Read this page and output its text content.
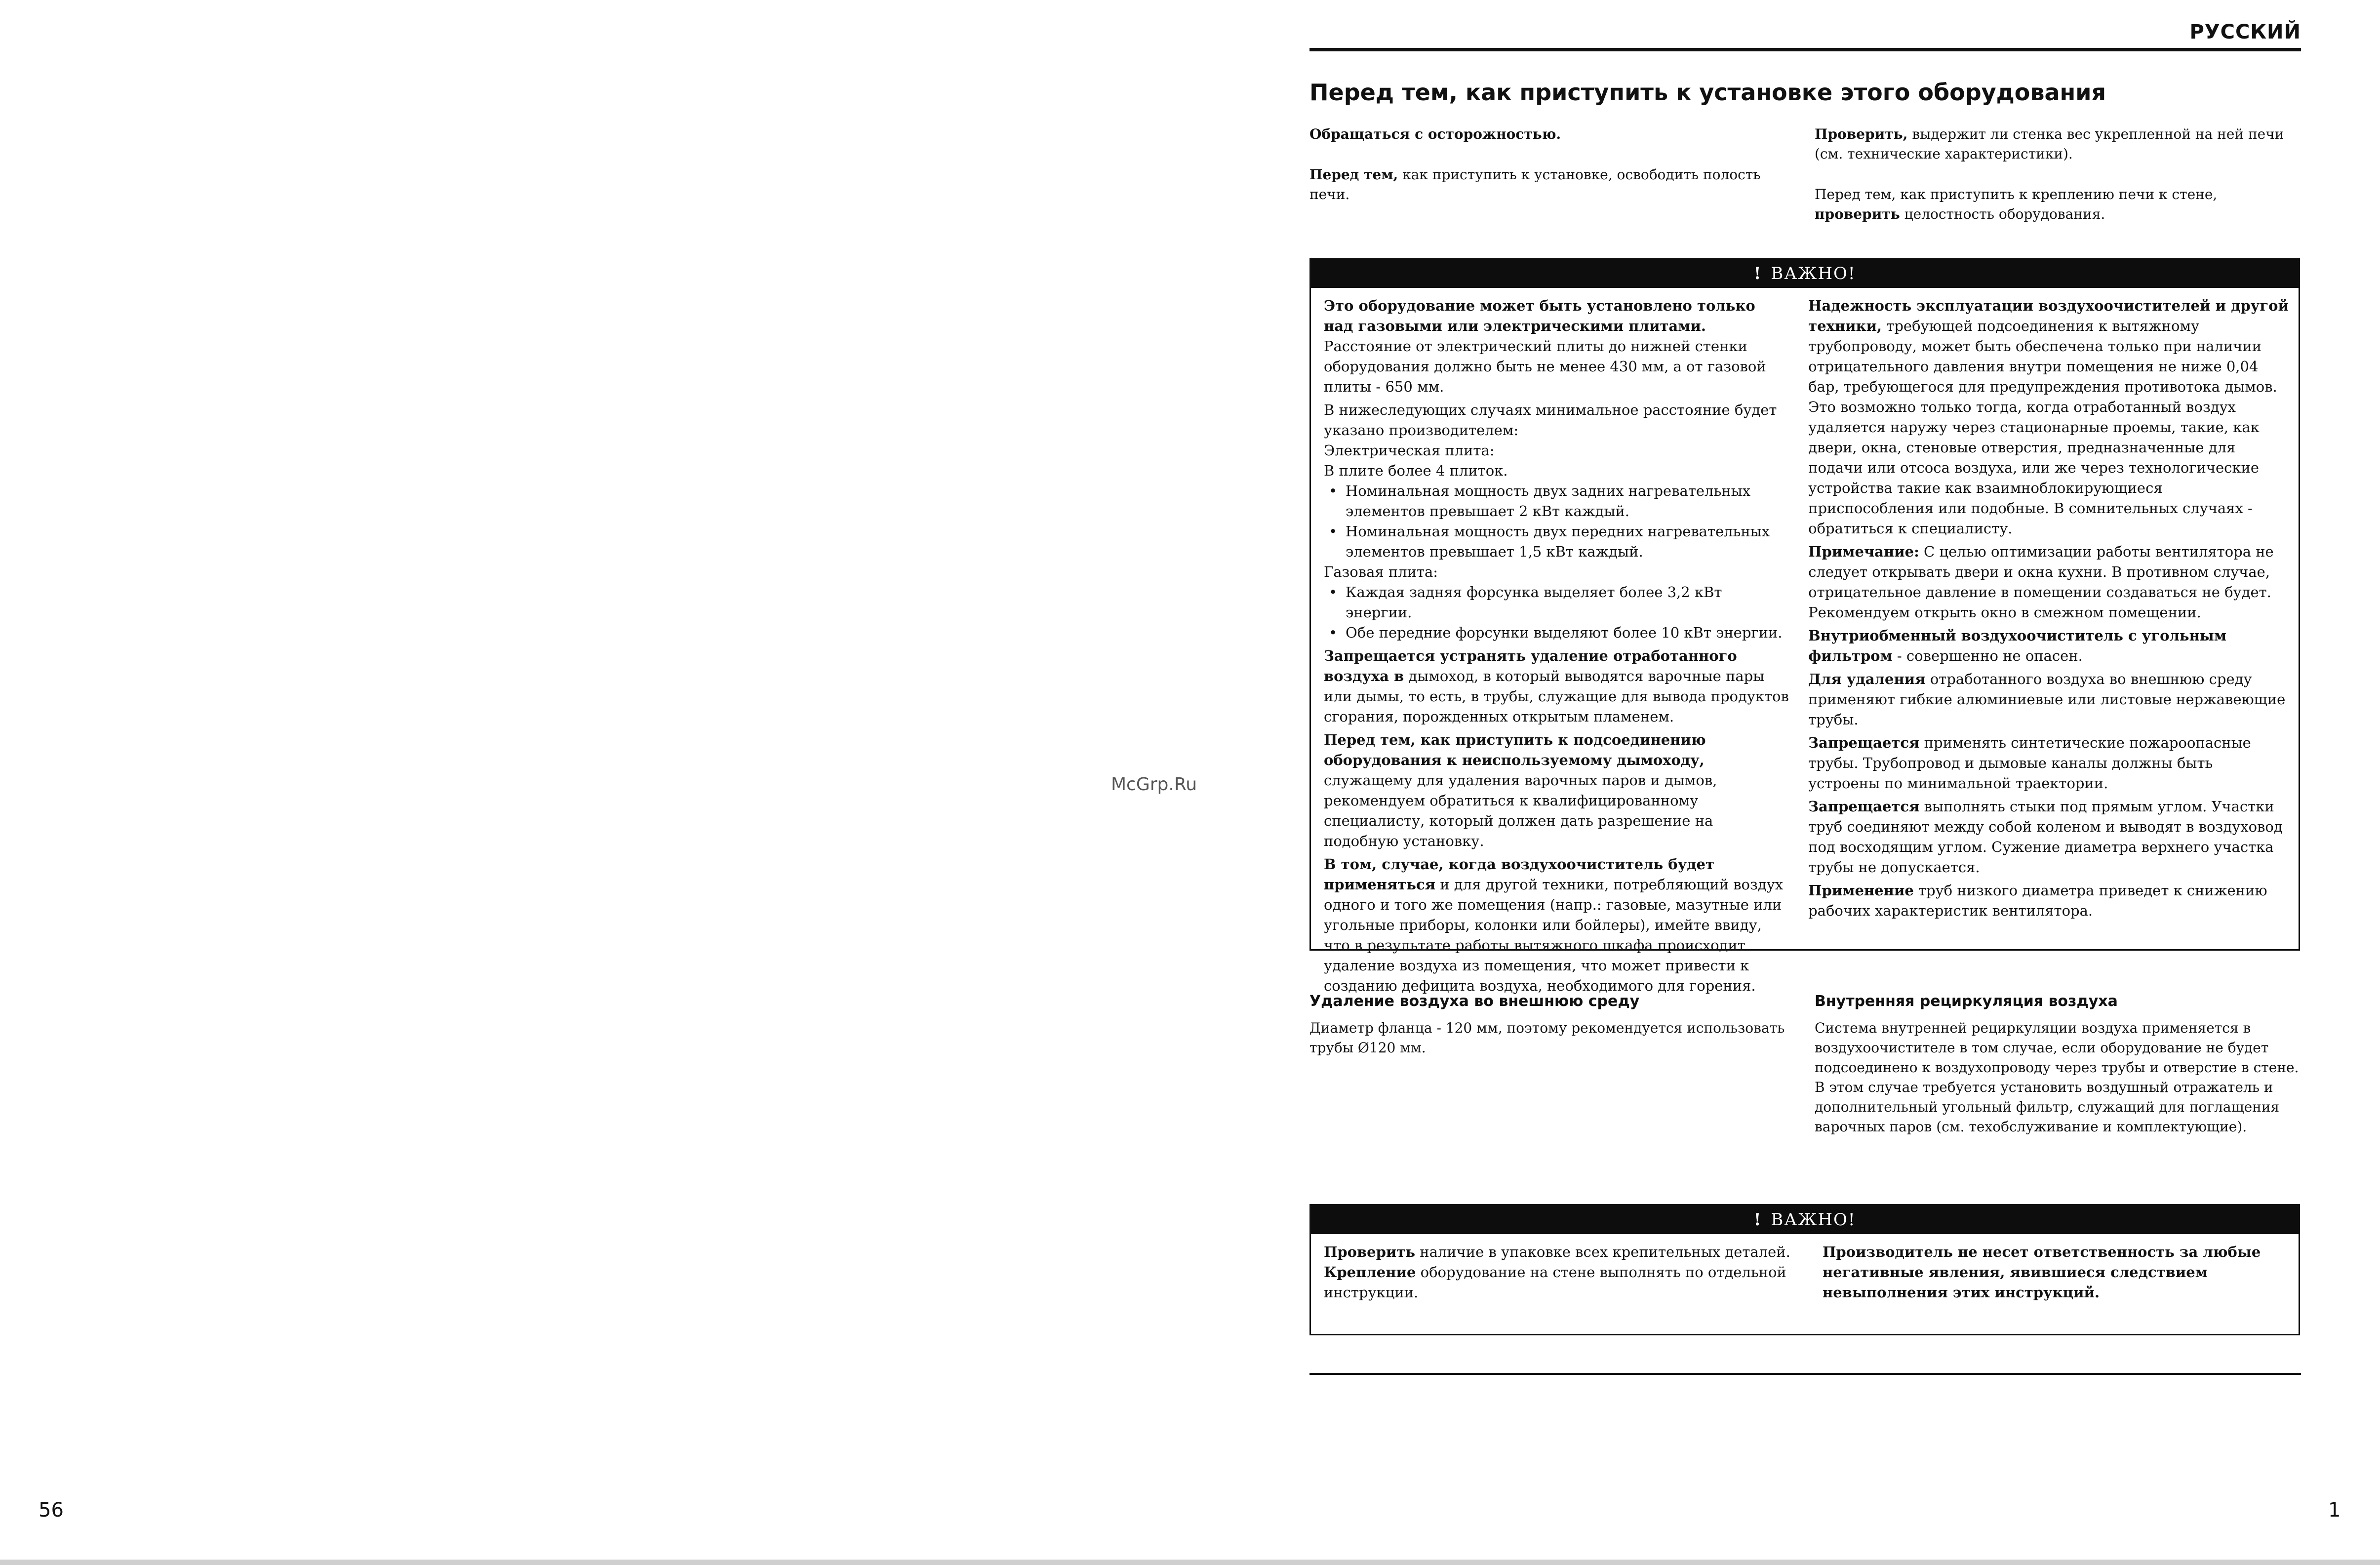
РУССКИЙ
Перед тем, как приступить к установке этого оборудования

Обращаться с осторожностью.

Перед тем, как приступить к установке, освободить полость печи.

Проверить, выдержит ли стенка вес укрепленной на ней печи (см. технические характеристики).

Перед тем, как приступить к креплению печи к стене, проверить целостность оборудования.

! ВАЖНО!

Это оборудование может быть установлено только над газовыми или электрическими плитами. Расстояние от электрический плиты до нижней стенки оборудования должно быть не менее 430 мм, а от газовой плиты - 650 мм.

В нижеследующих случаях минимальное расстояние будет указано производителем:

Электрическая плита:
В плите более 4 плиток.
• Номинальная мощность двух задних нагревательных элементов превышает 2 кВт каждый.
• Номинальная мощность двух передних нагревательных элементов превышает 1,5 кВт каждый.
Газовая плита:
• Каждая задняя форсунка выделяет более 3,2 кВт энергии.
• Обе передние форсунки выделяют более 10 кВт энергии.

Запрещается устранять удаление отработанного воздуха в дымоход, в который выводятся варочные пары или дымы, то есть, в трубы, служащие для вывода продуктов сгорания, порожденных открытым пламенем.

Перед тем, как приступить к подсоединению оборудования к неиспользуемому дымоходу, служащему для удаления варочных паров и дымов, рекомендуем обратиться к квалифицированному специалисту, который должен дать разрешение на подобную установку.

В том, случае, когда воздухоочиститель будет применяться и для другой техники, потребляющий воздух одного и того же помещения (напр.: газовые, мазутные или угольные приборы, колонки или бойлеры), имейте ввиду, что в результате работы вытяжного шкафа происходит удаление воздуха из помещения, что может привести к созданию дефицита воздуха, необходимого для горения.

Надежность эксплуатации воздухоочистителей и другой техники, требующей подсоединения к вытяжному трубопроводу, может быть обеспечена только при наличии отрицательного давления внутри помещения не ниже 0,04 бар, требующегося для предупреждения противотока дымов. Это возможно только тогда, когда отработанный воздух удаляется наружу через стационарные проемы, такие, как двери, окна, стеновые отверстия, предназначенные для подачи или отсоса воздуха, или же через технологические устройства такие как взаимноблокирующиеся приспособления или подобные. В сомнительных случаях - обратиться к специалисту.

Примечание: С целью оптимизации работы вентилятора не следует открывать двери и окна кухни. В противном случае, отрицательное давление в помещении создаваться не будет. Рекомендуем открыть окно в смежном помещении.

Внутриобменный воздухоочиститель с угольным фильтром - совершенно не опасен.

Для удаления отработанного воздуха во внешнюю среду применяют гибкие алюминиевые или листовые нержавеющие трубы.

Запрещается применять синтетические пожароопасные трубы. Трубопровод и дымовые каналы должны быть устроены по минимальной траектории.

Запрещается выполнять стыки под прямым углом. Участки труб соединяют между собой коленом и выводят в воздуховод под восходящим углом. Сужение диаметра верхнего участка трубы не допускается.

Применение труб низкого диаметра приведет к снижению рабочих характеристик вентилятора.

Удаление воздуха во внешнюю среду
Диаметр фланца - 120 мм, поэтому рекомендуется использовать трубы Ø120 мм.
Внутренняя рециркуляция воздуха
Система внутренней рециркуляции воздуха применяется в воздухоочистителе в том случае, если оборудование не будет подсоединено к воздухопроводу через трубы и отверстие в стене. В этом случае требуется установить воздушный отражатель и дополнительный угольный фильтр, служащий для поглащения варочных паров (см. техобслуживание и комплектующие).
! ВАЖНО!

Проверить наличие в упаковке всех крепительных деталей.

Крепление оборудование на стене выполнять по отдельной инструкции.

Производитель не несет ответственность за любые негативные явления, явившиеся следствием невыполнения этих инструкций.

McGrp.Ru
56	1
